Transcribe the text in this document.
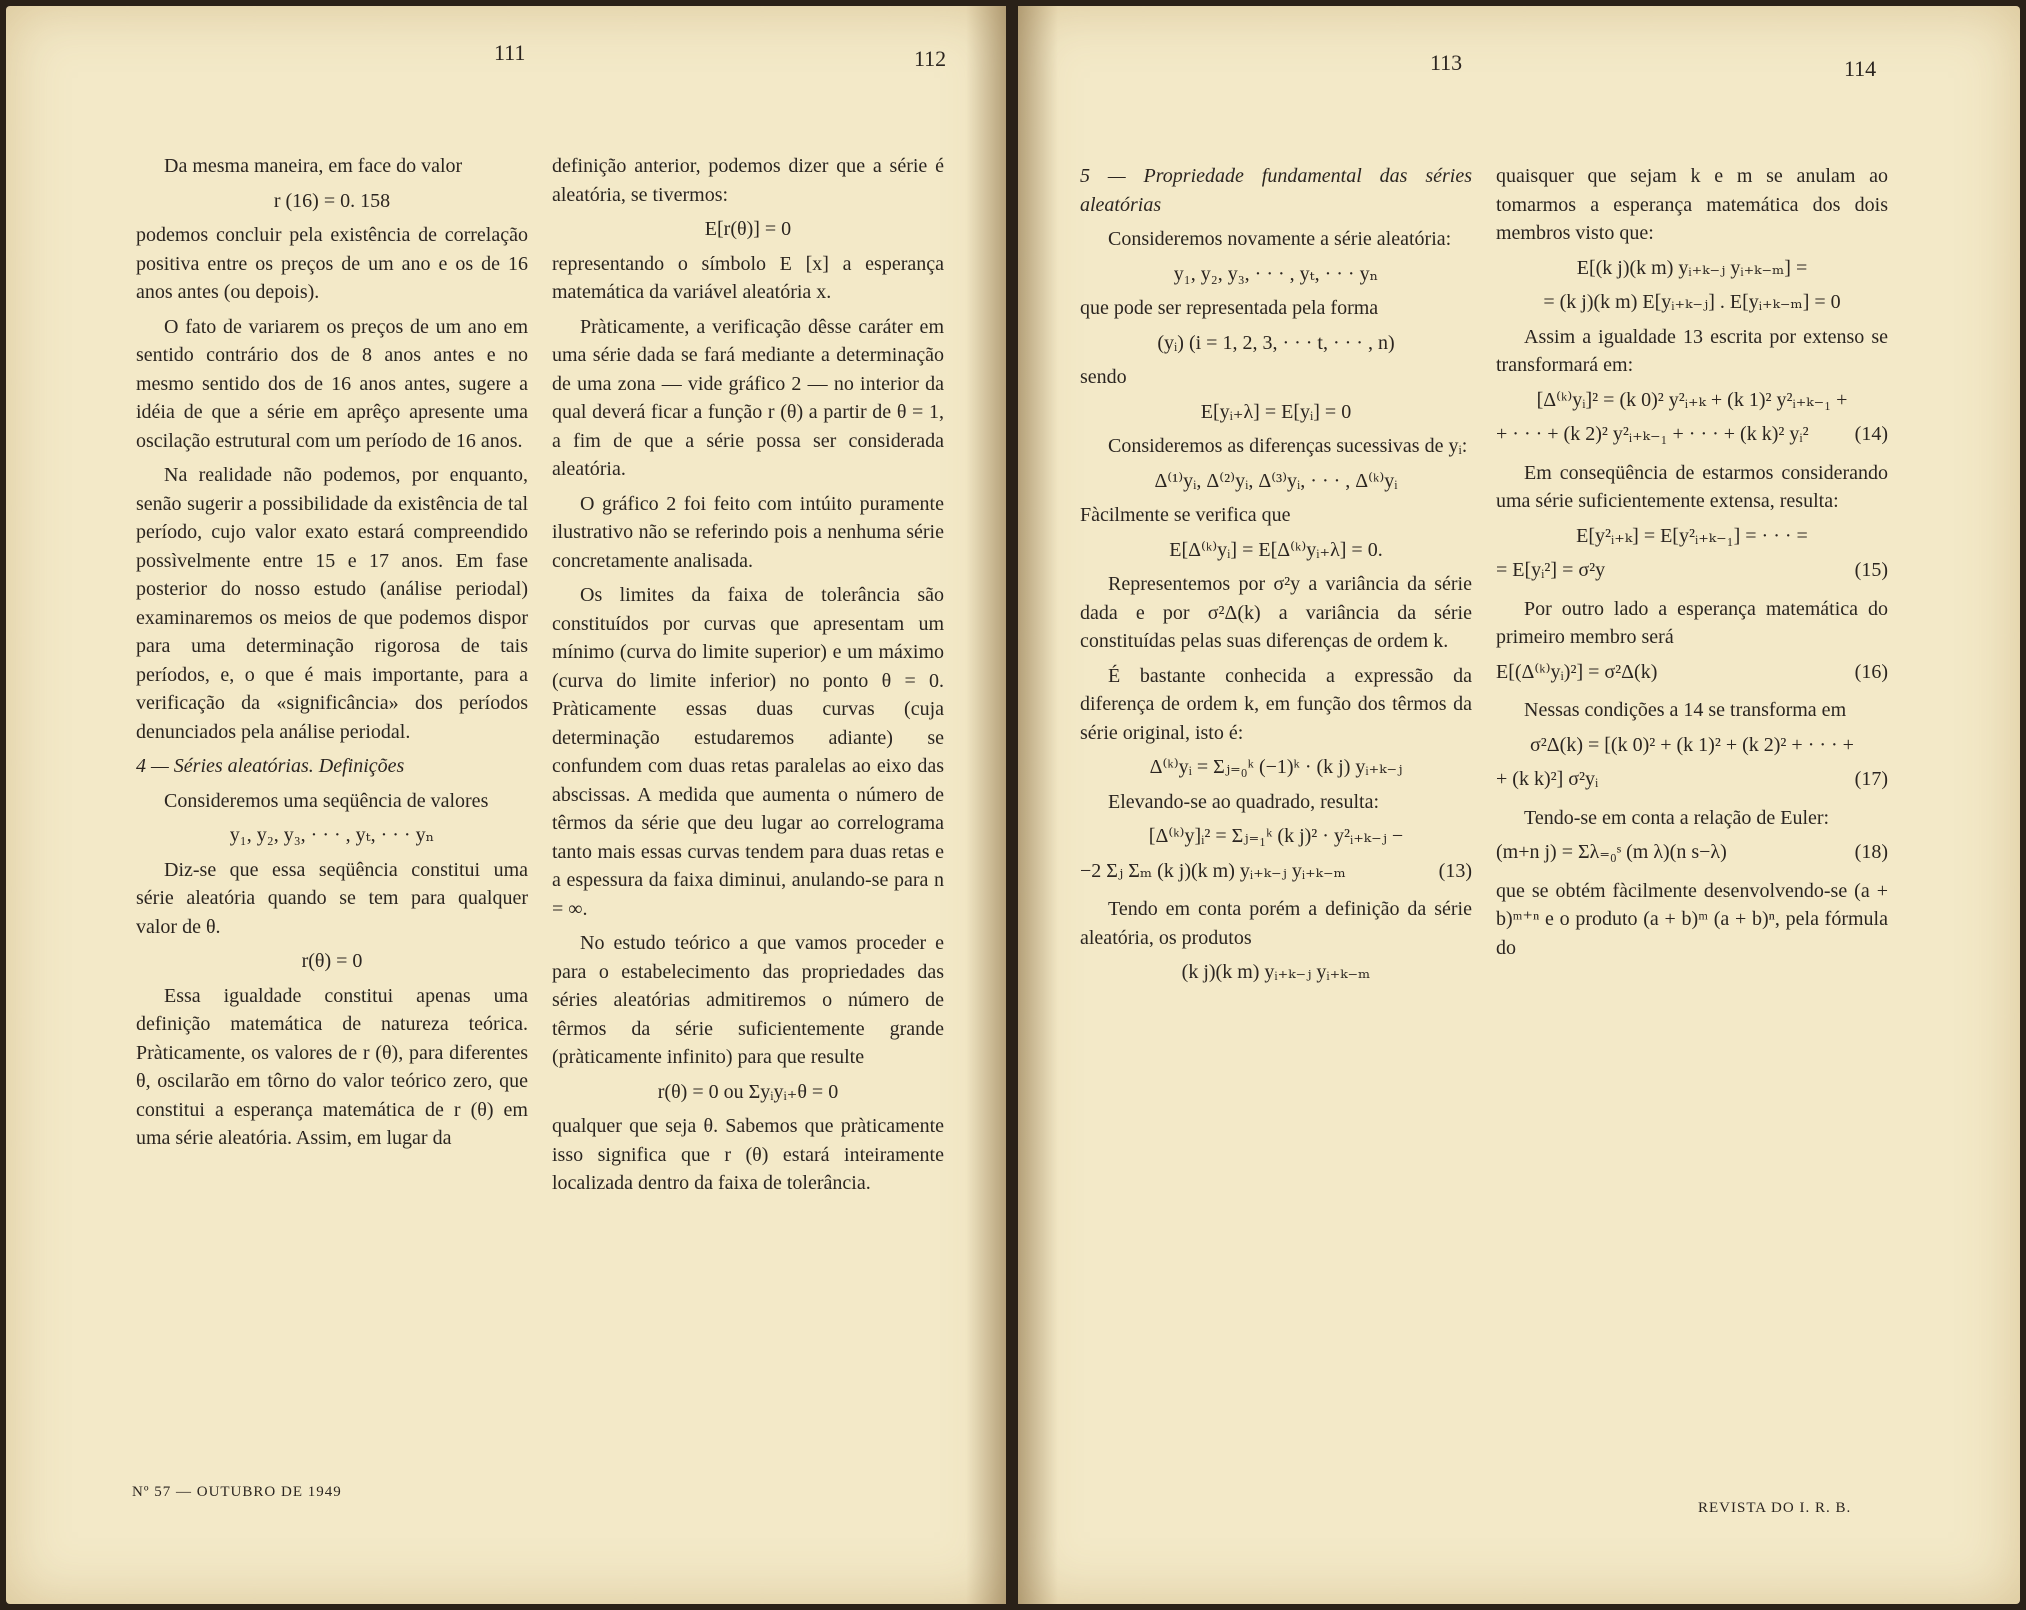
111	112

Da mesma maneira, em face do valor

r (16) = 0. 158

podemos concluir pela existência de correlação positiva entre os preços de um ano e os de 16 anos antes (ou depois).

O fato de variarem os preços de um ano em sentido contrário dos de 8 anos antes e no mesmo sentido dos de 16 anos antes, sugere a idéia de que a série em aprêço apresente uma oscilação estrutural com um período de 16 anos.

Na realidade não podemos, por enquanto, senão sugerir a possibilidade da existência de tal período, cujo valor exato estará compreendido possìvelmente entre 15 e 17 anos. Em fase posterior do nosso estudo (análise periodal) examinaremos os meios de que podemos dispor para uma determinação rigorosa de tais períodos, e, o que é mais importante, para a verificação da «significância» dos períodos denunciados pela análise periodal.

4 — Séries aleatórias. Definições

Consideremos uma seqüência de valores

y₁, y₂, y₃, · · · , yₜ, · · · yₙ

Diz-se que essa seqüência constitui uma série aleatória quando se tem para qualquer valor de θ.

r(θ) = 0

Essa igualdade constitui apenas uma definição matemática de natureza teórica. Pràticamente, os valores de r (θ), para diferentes θ, oscilarão em tôrno do valor teórico zero, que constitui a esperança matemática de r (θ) em uma série aleatória. Assim, em lugar da

definição anterior, podemos dizer que a série é aleatória, se tivermos:

E[r(θ)] = 0

representando o símbolo E [x] a esperança matemática da variável aleatória x.

Pràticamente, a verificação dêsse caráter em uma série dada se fará mediante a determinação de uma zona — vide gráfico 2 — no interior da qual deverá ficar a função r (θ) a partir de θ = 1, a fim de que a série possa ser considerada aleatória.

O gráfico 2 foi feito com intúito puramente ilustrativo não se referindo pois a nenhuma série concretamente analisada.

Os limites da faixa de tolerância são constituídos por curvas que apresentam um mínimo (curva do limite superior) e um máximo (curva do limite inferior) no ponto θ = 0. Pràticamente essas duas curvas (cuja determinação estudaremos adiante) se confundem com duas retas paralelas ao eixo das abscissas. A medida que aumenta o número de têrmos da série que deu lugar ao correlograma tanto mais essas curvas tendem para duas retas e a espessura da faixa diminui, anulando-se para n = ∞.

No estudo teórico a que vamos proceder e para o estabelecimento das propriedades das séries aleatórias admitiremos o número de têrmos da série suficientemente grande (pràticamente infinito) para que resulte

r(θ) = 0 ou Σyᵢyᵢ₊θ = 0

qualquer que seja θ. Sabemos que pràticamente isso significa que r (θ) estará inteiramente localizada dentro da faixa de tolerância.

Nº 57 — OUTUBRO DE 1949
113	114

5 — Propriedade fundamental das séries aleatórias

Consideremos novamente a série aleatória:

y₁, y₂, y₃, · · · , yₜ, · · · yₙ

que pode ser representada pela forma

(yᵢ) (i = 1, 2, 3, · · · t, · · · , n)

sendo

E[yᵢ₊λ] = E[yᵢ] = 0

Consideremos as diferenças sucessivas de yᵢ:

Δ⁽¹⁾yᵢ, Δ⁽²⁾yᵢ, Δ⁽³⁾yᵢ, · · · , Δ⁽ᵏ⁾yᵢ

Fàcilmente se verifica que

E[Δ⁽ᵏ⁾yᵢ] = E[Δ⁽ᵏ⁾yᵢ₊λ] = 0.

Representemos por σ²y a variância da série dada e por σ²Δ(k) a variância da série constituídas pelas suas diferenças de ordem k.

É bastante conhecida a expressão da diferença de ordem k, em função dos têrmos da série original, isto é:

Δ⁽ᵏ⁾yᵢ = Σⱼ₌₀ᵏ (−1)ᵏ · (k j) yᵢ₊ₖ₋ⱼ

Elevando-se ao quadrado, resulta:

[Δ⁽ᵏ⁾y]ᵢ² = Σⱼ₌₁ᵏ (k j)² · y²ᵢ₊ₖ₋ⱼ −

−2 Σⱼ Σₘ (k j)(k m) yᵢ₊ₖ₋ⱼ yᵢ₊ₖ₋ₘ	(13)

Tendo em conta porém a definição da série aleatória, os produtos

(k j)(k m) yᵢ₊ₖ₋ⱼ yᵢ₊ₖ₋ₘ

quaisquer que sejam k e m se anulam ao tomarmos a esperança matemática dos dois membros visto que:

E[(k j)(k m) yᵢ₊ₖ₋ⱼ yᵢ₊ₖ₋ₘ] =

= (k j)(k m) E[yᵢ₊ₖ₋ⱼ] . E[yᵢ₊ₖ₋ₘ] = 0

Assim a igualdade 13 escrita por extenso se transformará em:

[Δ⁽ᵏ⁾yᵢ]² = (k 0)² y²ᵢ₊ₖ + (k 1)² y²ᵢ₊ₖ₋₁ +

+ · · · + (k 2)² y²ᵢ₊ₖ₋₁ + · · · + (k k)² yᵢ² (14)

Em conseqüência de estarmos considerando uma série suficientemente extensa, resulta:

E[y²ᵢ₊ₖ] = E[y²ᵢ₊ₖ₋₁] = · · · =

= E[yᵢ²] = σ²y	(15)

Por outro lado a esperança matemática do primeiro membro será

E[(Δ⁽ᵏ⁾yᵢ)²] = σ²Δ(k)	(16)

Nessas condições a 14 se transforma em

σ²Δ(k) = [(k 0)² + (k 1)² + (k 2)² + · · · +

+ (k k)²] σ²yᵢ	(17)

Tendo-se em conta a relação de Euler:

(m+n j) = Σλ₌₀ˢ (m λ)(n s−λ)	(18)

que se obtém fàcilmente desenvolvendo-se (a + b)ᵐ⁺ⁿ e o produto (a + b)ᵐ (a + b)ⁿ, pela fórmula do

REVISTA DO I. R. B.
